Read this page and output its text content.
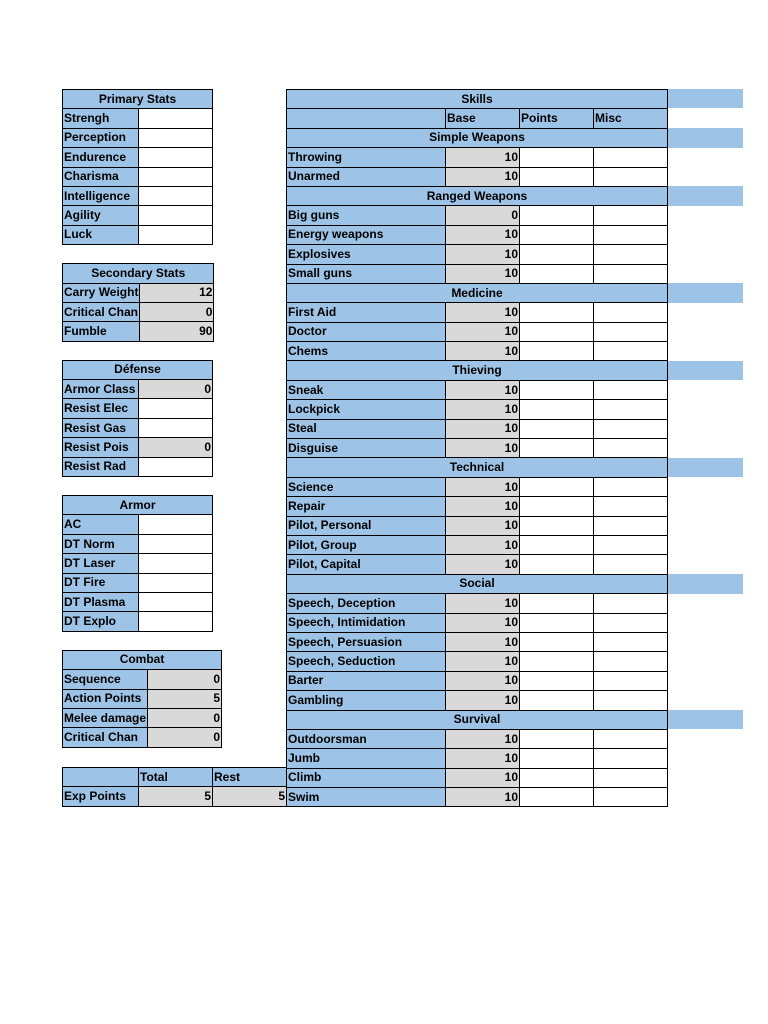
Primary Stats	
Strengh	
Perception	
Endurence	
Charisma	
Intelligence	
Agility	
Luck	
Secondary Stats	
Carry Weight	12
Critical Chan	0
Fumble	90
Défense	
Armor Class	0
Resist Elec	
Resist Gas	
Resist Pois	0
Resist Rad	
Armor	
AC	
DT Norm	
DT Laser	
DT Fire	
DT Plasma	
DT Explo	
Combat	
Sequence	0
Action Points	5
Melee damage	0
Critical Chan	0
	Total	Rest
Exp Points	5	5
Skills			
	Base	Points	Misc
Simple Weapons			
Throwing	10		
Unarmed	10		
Ranged Weapons			
Big guns	0		
Energy weapons	10		
Explosives	10		
Small guns	10		
Medicine			
First Aid	10		
Doctor	10		
Chems	10		
Thieving			
Sneak	10		
Lockpick	10		
Steal	10		
Disguise	10		
Technical			
Science	10		
Repair	10		
Pilot, Personal	10		
Pilot, Group	10		
Pilot, Capital	10		
Social			
Speech, Deception	10		
Speech, Intimidation	10		
Speech, Persuasion	10		
Speech, Seduction	10		
Barter	10		
Gambling	10		
Survival			
Outdoorsman	10		
Jumb	10		
Climb	10		
Swim	10		
